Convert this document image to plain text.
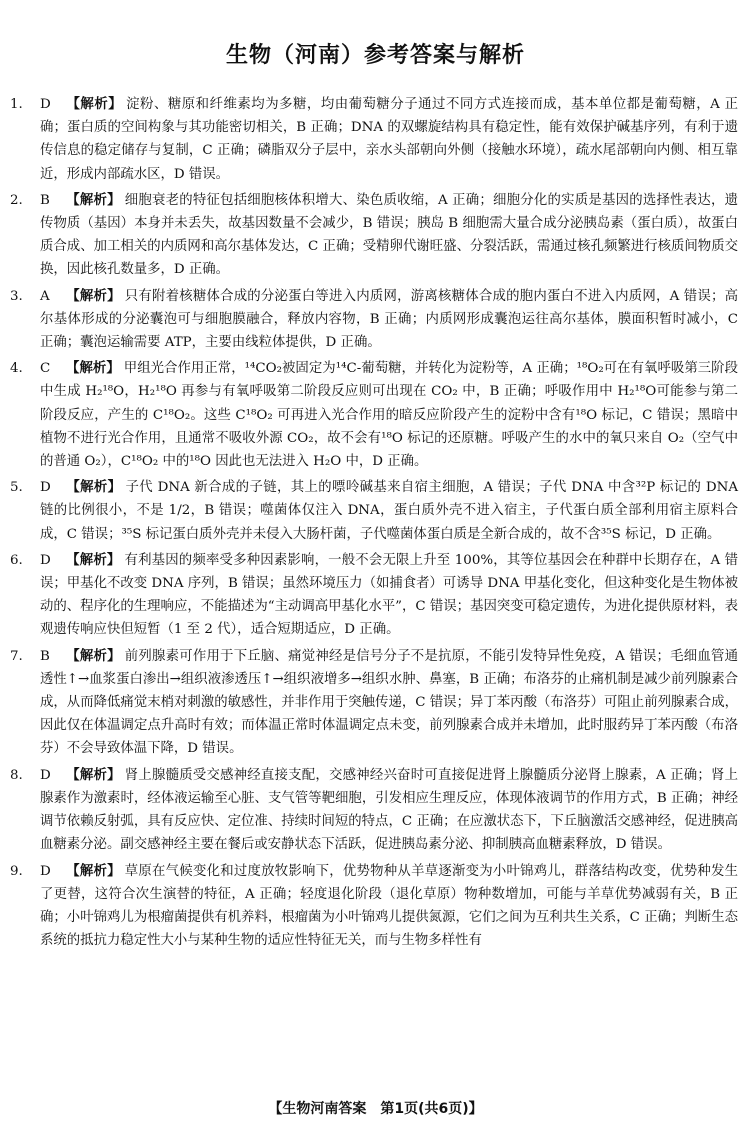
生物（河南）参考答案与解析
1. D 【解析】 淀粉、糖原和纤维素均为多糖，均由葡萄糖分子通过不同方式连接而成，基本单位都是葡萄糖，A 正确；蛋白质的空间构象与其功能密切相关，B 正确；DNA 的双螺旋结构具有稳定性，能有效保护碱基序列，有利于遗传信息的稳定储存与复制，C 正确；磷脂双分子层中，亲水头部朝向外侧（接触水环境），疏水尾部朝向内侧、相互靠近，形成内部疏水区，D 错误。
2. B 【解析】 细胞衰老的特征包括细胞核体积增大、染色质收缩，A 正确；细胞分化的实质是基因的选择性表达，遗传物质（基因）本身并未丢失，故基因数量不会减少，B 错误；胰岛 B 细胞需大量合成分泌胰岛素（蛋白质），故蛋白质合成、加工相关的内质网和高尔基体发达，C 正确；受精卵代谢旺盛、分裂活跃，需通过核孔频繁进行核质间物质交换，因此核孔数量多，D 正确。
3. A 【解析】 只有附着核糖体合成的分泌蛋白等进入内质网，游离核糖体合成的胞内蛋白不进入内质网，A 错误；高尔基体形成的分泌囊泡可与细胞膜融合，释放内容物，B 正确；内质网形成囊泡运往高尔基体，膜面积暂时减小，C 正确；囊泡运输需要 ATP，主要由线粒体提供，D 正确。
4. C 【解析】 甲组光合作用正常，¹⁴CO₂被固定为¹⁴C-葡萄糖，并转化为淀粉等，A 正确；¹⁸O₂可在有氧呼吸第三阶段中生成 H₂¹⁸O，H₂¹⁸O 再参与有氧呼吸第二阶段反应则可出现在 CO₂ 中，B 正确；呼吸作用中 H₂¹⁸O可能参与第二阶段反应，产生的 C¹⁸O₂。这些 C¹⁸O₂ 可再进入光合作用的暗反应阶段产生的淀粉中含有¹⁸O 标记，C 错误；黑暗中植物不进行光合作用，且通常不吸收外源 CO₂，故不会有¹⁸O 标记的还原糖。呼吸产生的水中的氧只来自 O₂（空气中的普通 O₂），C¹⁸O₂ 中的¹⁸O 因此也无法进入 H₂O 中，D 正确。
5. D 【解析】 子代 DNA 新合成的子链，其上的嘌呤碱基来自宿主细胞，A 错误；子代 DNA 中含³²P 标记的 DNA 链的比例很小，不是 1/2，B 错误；噬菌体仅注入 DNA，蛋白质外壳不进入宿主，子代蛋白质全部利用宿主原料合成，C 错误；³⁵S 标记蛋白质外壳并未侵入大肠杆菌，子代噬菌体蛋白质是全新合成的，故不含³⁵S 标记，D 正确。
6. D 【解析】 有利基因的频率受多种因素影响，一般不会无限上升至 100%，其等位基因会在种群中长期存在，A 错误；甲基化不改变 DNA 序列，B 错误；虽然环境压力（如捕食者）可诱导 DNA 甲基化变化，但这种变化是生物体被动的、程序化的生理响应，不能描述为“主动调高甲基化水平”，C 错误；基因突变可稳定遗传，为进化提供原材料，表观遗传响应快但短暂（1 至 2 代），适合短期适应，D 正确。
7. B 【解析】 前列腺素可作用于下丘脑、痛觉神经是信号分子不是抗原，不能引发特异性免疫，A 错误；毛细血管通透性↑→血浆蛋白渗出→组织液渗透压↑→组织液增多→组织水肿、鼻塞，B 正确；布洛芬的止痛机制是减少前列腺素合成，从而降低痛觉末梢对刺激的敏感性，并非作用于突触传递，C 错误；异丁苯丙酸（布洛芬）可阻止前列腺素合成，因此仅在体温调定点升高时有效；而体温正常时体温调定点未变，前列腺素合成并未增加，此时服药异丁苯丙酸（布洛芬）不会导致体温下降，D 错误。
8. D 【解析】 肾上腺髓质受交感神经直接支配，交感神经兴奋时可直接促进肾上腺髓质分泌肾上腺素，A 正确；肾上腺素作为激素时，经体液运输至心脏、支气管等靶细胞，引发相应生理反应，体现体液调节的作用方式，B 正确；神经调节依赖反射弧，具有反应快、定位准、持续时间短的特点，C 正确；在应激状态下，下丘脑激活交感神经，促进胰高血糖素分泌。副交感神经主要在餐后或安静状态下活跃，促进胰岛素分泌、抑制胰高血糖素释放，D 错误。
9. D 【解析】 草原在气候变化和过度放牧影响下，优势物种从羊草逐渐变为小叶锦鸡儿，群落结构改变，优势种发生了更替，这符合次生演替的特征，A 正确；轻度退化阶段（退化草原）物种数增加，可能与羊草优势减弱有关，B 正确；小叶锦鸡儿为根瘤菌提供有机养料，根瘤菌为小叶锦鸡儿提供氮源，它们之间为互利共生关系，C 正确；判断生态系统的抵抗力稳定性大小与某种生物的适应性特征无关，而与生物多样性有
【生物河南答案　第1页(共6页)】
